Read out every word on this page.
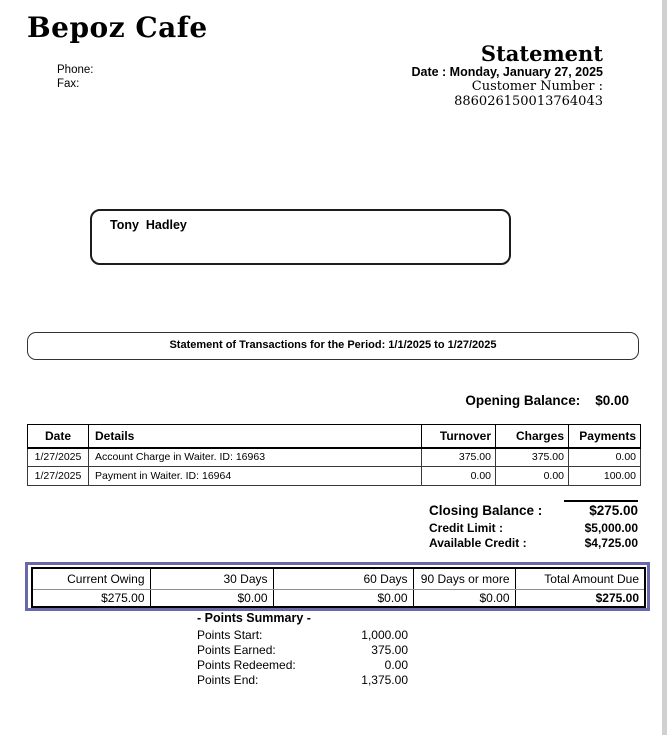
Bepoz Cafe
Phone:
Fax:
Statement
Date : Monday, January 27, 2025
Customer Number :
886026150013764043
Tony  Hadley
Statement of Transactions for the Period: 1/1/2025 to 1/27/2025
Opening Balance: $0.00
Date	Details	Turnover	Charges	Payments
1/27/2025	Account Charge in Waiter. ID: 16963	375.00	375.00	0.00
1/27/2025	Payment in Waiter. ID: 16964	0.00	0.00	100.00
Closing Balance :	$275.00
Credit Limit :	$5,000.00
Available Credit :	$4,725.00
Current Owing	30 Days	60 Days	90 Days or more	Total Amount Due
$275.00	$0.00	$0.00	$0.00	$275.00
- Points Summary -
Points Start:	1,000.00
Points Earned:	375.00
Points Redeemed:	0.00
Points End:	1,375.00
